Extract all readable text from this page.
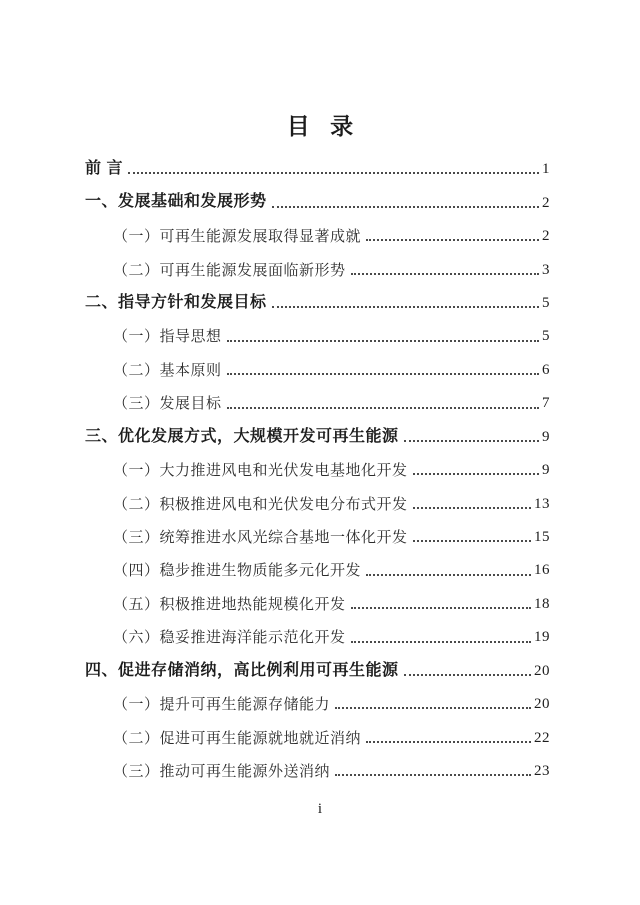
目 录
前 言	1
一、发展基础和发展形势	2
（一）可再生能源发展取得显著成就	2
（二）可再生能源发展面临新形势	3
二、指导方针和发展目标	5
（一）指导思想	5
（二）基本原则	6
（三）发展目标	7
三、优化发展方式，大规模开发可再生能源	9
（一）大力推进风电和光伏发电基地化开发	9
（二）积极推进风电和光伏发电分布式开发	13
（三）统筹推进水风光综合基地一体化开发	15
（四）稳步推进生物质能多元化开发	16
（五）积极推进地热能规模化开发	18
（六）稳妥推进海洋能示范化开发	19
四、促进存储消纳，高比例利用可再生能源	20
（一）提升可再生能源存储能力	20
（二）促进可再生能源就地就近消纳	22
（三）推动可再生能源外送消纳	23
i
